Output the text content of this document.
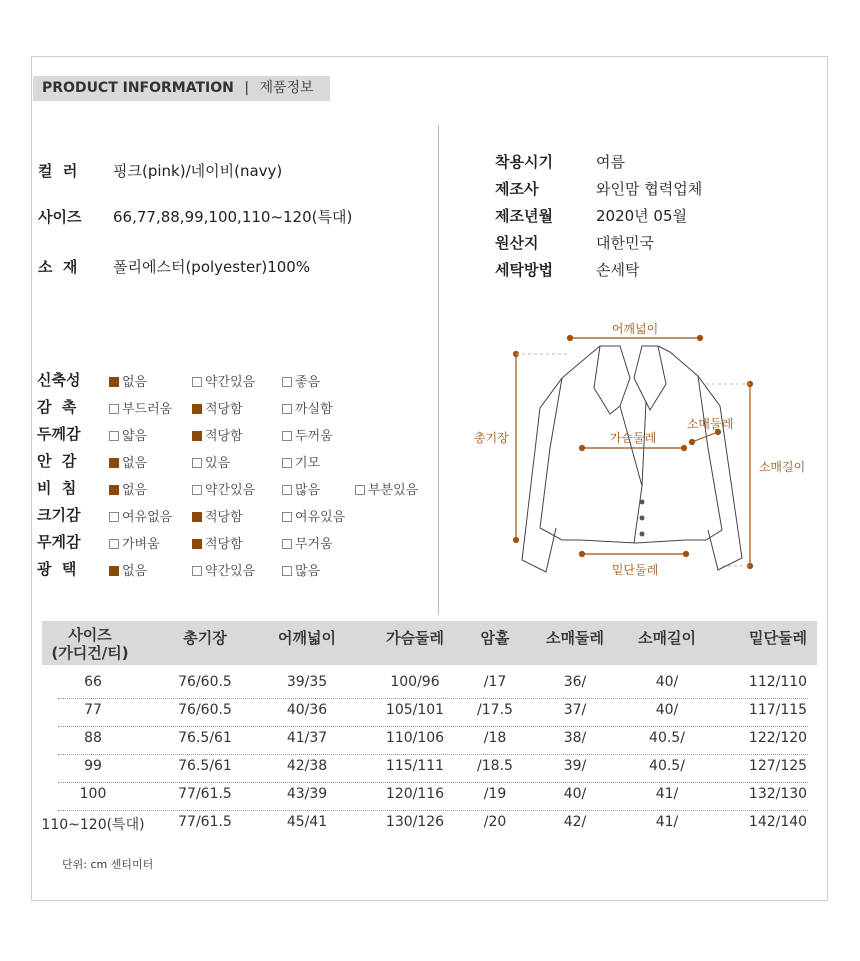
PRODUCT INFORMATION | 제품정보
컬  러 핑크(pink)/네이비(navy)
사이즈 66,77,88,99,100,110~120(특대)
소  재 폴리에스터(polyester)100%
착용시기	여름
제조사	와인맘 협력업체
제조년월	2020년 05월
원산지	대한민국
세탁방법	손세탁
신축성	없음	약간있음	좋음
감  촉	부드러움	적당함	까실함
두께감	얇음	적당함	두꺼움
안  감	없음	있음	기모
비  침	없음	약간있음	많음	부분있음
크기감	여유없음	적당함	여유있음
무게감	가벼움	적당함	무거움
광  택	없음	약간있음	많음
어깨넓이
총기장	가슴둘레
소매둘레
소매길이
밑단둘레
사이즈
(가디건/티)
총기장	어깨넓이	가슴둘레	암홀	소매둘레	소매길이	밑단둘레
66	76/60.5	39/35	100/96	/17	36/	40/	112/110
77	76/60.5	40/36	105/101	/17.5	37/	40/	117/115
88	76.5/61	41/37	110/106	/18	38/	40.5/	122/120
99	76.5/61	42/38	115/111	/18.5	39/	40.5/	127/125
100	77/61.5	43/39	120/116	/19	40/	41/	132/130
110~120(특대)	77/61.5	45/41	130/126	/20	42/	41/	142/140
단위: cm 센티미터
